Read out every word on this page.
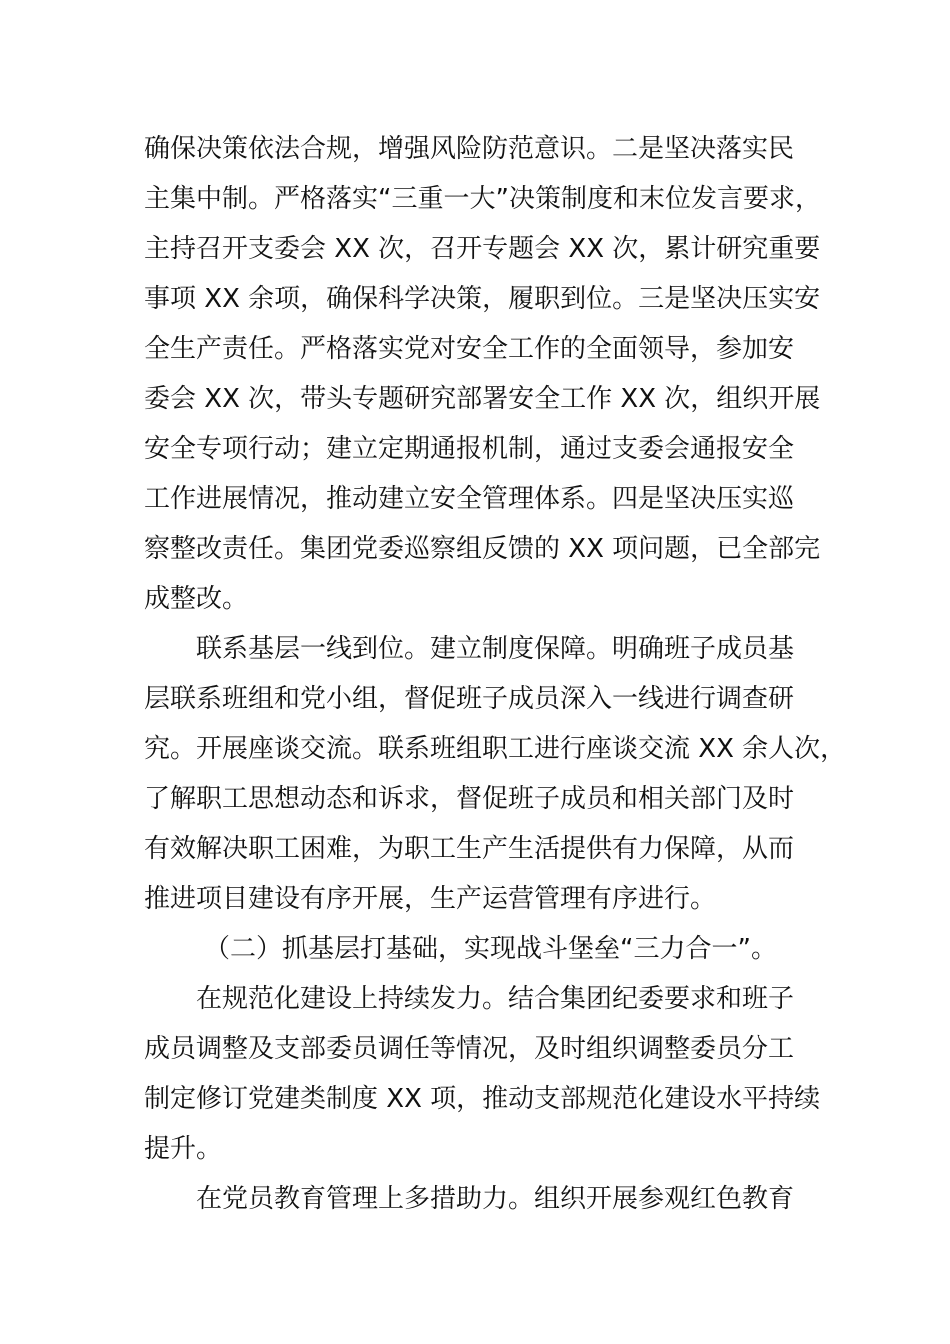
确保决策依法合规，增强风险防范意识。二是坚决落实民
主集中制。严格落实“三重一大”决策制度和末位发言要求，
主持召开支委会 XX 次，召开专题会 XX 次，累计研究重要
事项 XX 余项，确保科学决策，履职到位。三是坚决压实安
全生产责任。严格落实党对安全工作的全面领导，参加安
委会 XX 次，带头专题研究部署安全工作 XX 次，组织开展
安全专项行动；建立定期通报机制，通过支委会通报安全
工作进展情况，推动建立安全管理体系。四是坚决压实巡
察整改责任。集团党委巡察组反馈的 XX 项问题，已全部完
成整改。
联系基层一线到位。建立制度保障。明确班子成员基
层联系班组和党小组，督促班子成员深入一线进行调查研
究。开展座谈交流。联系班组职工进行座谈交流 XX 余人次，
了解职工思想动态和诉求，督促班子成员和相关部门及时
有效解决职工困难，为职工生产生活提供有力保障，从而
推进项目建设有序开展，生产运营管理有序进行。
（二）抓基层打基础，实现战斗堡垒“三力合一”。
在规范化建设上持续发力。结合集团纪委要求和班子
成员调整及支部委员调任等情况，及时组织调整委员分工
制定修订党建类制度 XX 项，推动支部规范化建设水平持续
提升。
在党员教育管理上多措助力。组织开展参观红色教育
